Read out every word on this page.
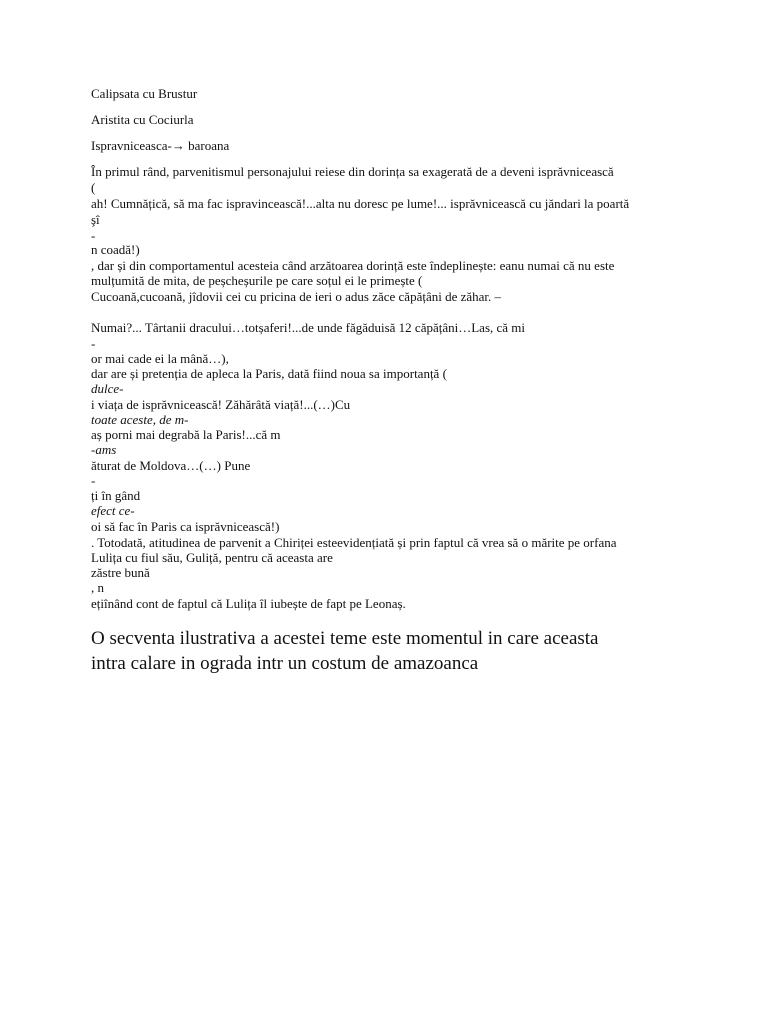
Calipsata cu Brustur
Aristita cu Cociurla
Ispravniceasca-→ baroana
În primul rând, parvenitismul personajului reiese din dorința sa exagerată de a deveni isprăvnicească
(
ah! Cumnățică, să ma fac ispravincească!...alta nu doresc pe lume!... isprăvnicească cu jăndari la poartă
şî
-
n coadă!)
, dar și din comportamentul acesteia când arzătoarea dorință este îndeplinește: eanu numai că nu este
mulțumită de mita, de peșcheșurile pe care soțul ei le primește (
Cucoană,cucoană, jîdovii cei cu pricina de ieri o adus zăce căpățâni de zăhar. –
Numai?... Târtanii dracului…totșaferi!...de unde făgăduisă 12 căpățâni…Las, că mi
-
or mai cade ei la mână…),
dar are și pretenția de apleca la Paris, dată fiind noua sa importanță (
dulce-
i viața de isprăvnicească! Zăhărâtă viață!...(…)Cu
toate aceste, de m-
aș porni mai degrabă la Paris!...că m
-ams
ăturat de Moldova…(…) Pune
-
ți în gând
efect ce-
oi să fac în Paris ca isprăvnicească!)
. Totodată, atitudinea de parvenit a Chiriței esteevidențiată și prin faptul că vrea să o mărite pe orfana
Lulița cu fiul său, Guliță, pentru că aceasta are
zăstre bună
, n
ețiînând cont de faptul că Lulița îl iubește de fapt pe Leonaș.
O secventa ilustrativa a acestei teme este momentul in care aceasta
intra calare in ograda intr un costum de amazoanca
